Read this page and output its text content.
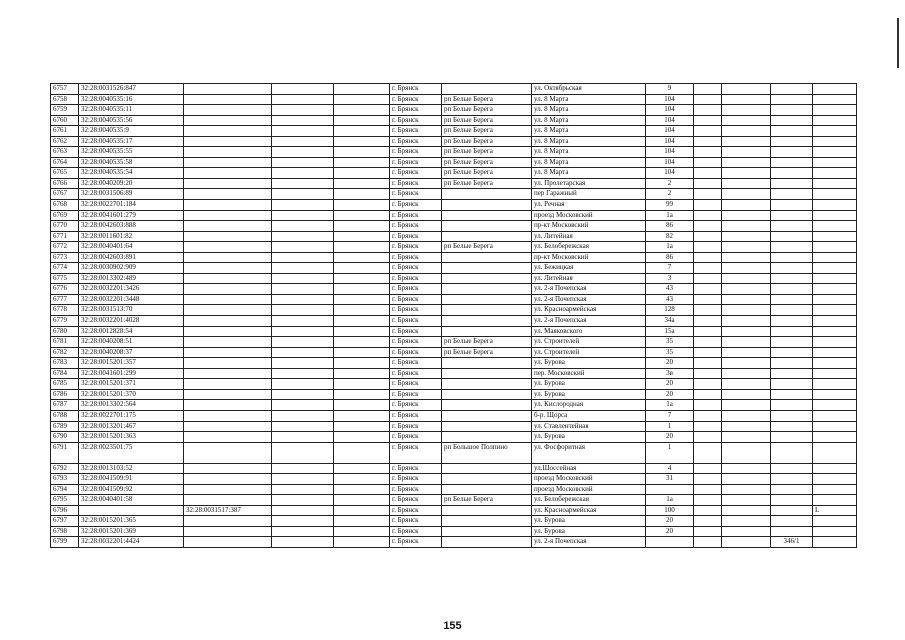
6757	32:28:0031526:847				г. Брянск		ул. Октябрьская	9				
6758	32:28:0040535:16				г. Брянск	рп Белые Берега	ул. 8 Марта	104				
6759	32:28:0040535:11				г. Брянск	рп Белые Берега	ул. 8 Марта	104				
6760	32:28:0040535:56				г. Брянск	рп Белые Берега	ул. 8 Марта	104				
6761	32:28:0040535:9				г. Брянск	рп Белые Берега	ул. 8 Марта	104				
6762	32:28:0040535:17				г. Брянск	рп Белые Берега	ул. 8 Марта	104				
6763	32:28:0040535:55				г. Брянск	рп Белые Берега	ул. 8 Марта	104				
6764	32:28:0040535:58				г. Брянск	рп Белые Берега	ул. 8 Марта	104				
6765	32:28:0040535:54				г. Брянск	рп Белые Берега	ул. 8 Марта	104				
6766	32:28:0040209:20				г. Брянск	рп Белые Берега	ул. Пролетарская	2				
6767	32:28:0031506:89				г. Брянск		пер Гаражный	2				
6768	32:28:0022701:184				г. Брянск		ул. Речная	99				
6769	32:28:0041601:279				г. Брянск		проезд Московский	1а				
6770	32:28:0042603:888				г. Брянск		пр-кт Московский	86				
6771	32:28:0011601:82				г. Брянск		ул. Литейная	82				
6772	32:28:0040401:64				г. Брянск	рп Белые Берега	ул. Белобережская	1а				
6773	32:28:0042603:891				г. Брянск		пр-кт Московский	86				
6774	32:28:0030902:909				г. Брянск		ул. Бежицкая	7				
6775	32:28:0013302:489				г. Брянск		ул. Литейная	3				
6776	32:28:0032201:3426				г. Брянск		ул. 2-я Почепская	43				
6777	32:28:0032201:3448				г. Брянск		ул. 2-я Почепская	43				
6778	32:28:0031513:70				г. Брянск		ул. Красноармейская	128				
6779	32:28:0032201:4028				г. Брянск		ул. 2-я Почепская	34а				
6780	32:28:0012828:54				г. Брянск		ул. Маяковского	15а				
6781	32:28:0040208:51				г. Брянск	рп Белые Берега	ул. Строителей	35				
6782	32:28:0040208:37				г. Брянск	рп Белые Берега	ул. Строителей	35				
6783	32:28:0015201:357				г. Брянск		ул. Бурова	20				
6784	32:28:0041601:299				г. Брянск		пер. Московский	3в				
6785	32:28:0015201:371				г. Брянск		ул. Бурова	20				
6786	32:28:0015201:370				г. Брянск		ул. Бурова	20				
6787	32:28:0013302:564				г. Брянск		ул. Кислородная	1а				
6788	32:28:0022701:175				г. Брянск		б-р. Щорса	7				
6789	32:28:0013201:467				г. Брянск		ул. Ставлентейная	1				
6790	32:28:0015201:363				г. Брянск		ул. Бурова	20				
6791	32:28:0023501:75				г. Брянск	рп Большое Полпино	ул. Фосфоритная	1				
6792	32:28:0013103:52				г. Брянск		ул.Шоссейная	4				
6793	32:28:0041509:91				г. Брянск		проезд Московский	31				
6794	32:28:0041509:92				г. Брянск		проезд Московский					
6795	32:28:0040401:58				г. Брянск	рп Белые Берега	ул. Белобережская	1а				
6796		32:28:0031517:387			г. Брянск		ул. Красноармейская	100				L
6797	32:28:0015201:365				г. Брянск		ул. Бурова	20				
6798	32:28:0015201:369				г. Брянск		ул. Бурова	20				
6799	32:28:0032201:4424				г. Брянск		ул. 2-я Почепская				346/1	
155
